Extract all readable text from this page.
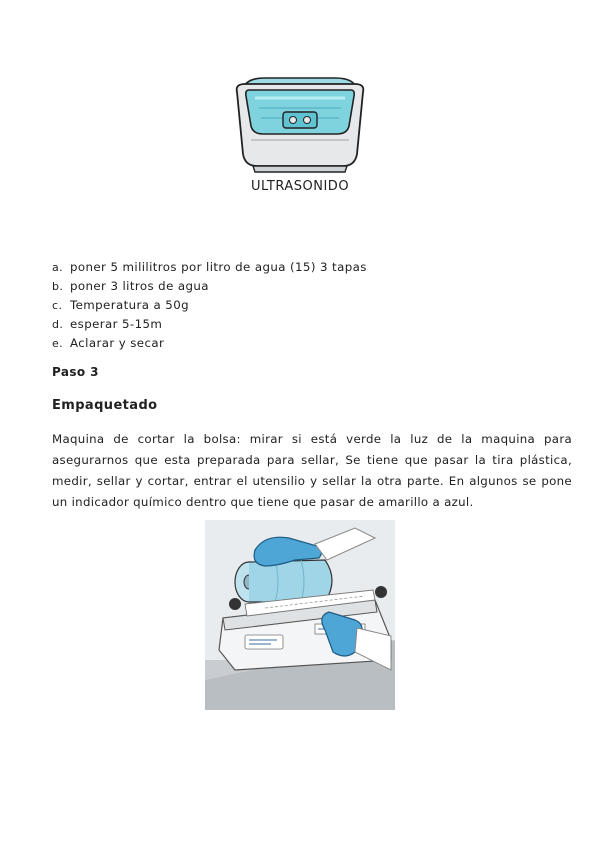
ULTRASONIDO
a. poner 5 mililitros por litro de agua (15) 3 tapas
b. poner 3 litros de agua
c. Temperatura a 50g
d. esperar 5-15m
e. Aclarar y secar
Paso 3
Empaquetado

Maquina de cortar la bolsa: mirar si está verde la luz de la maquina para asegurarnos que esta preparada para sellar, Se tiene que pasar la tira plástica, medir, sellar y cortar, entrar el utensilio y sellar la otra parte. En algunos se pone un indicador químico dentro que tiene que pasar de amarillo a azul.
